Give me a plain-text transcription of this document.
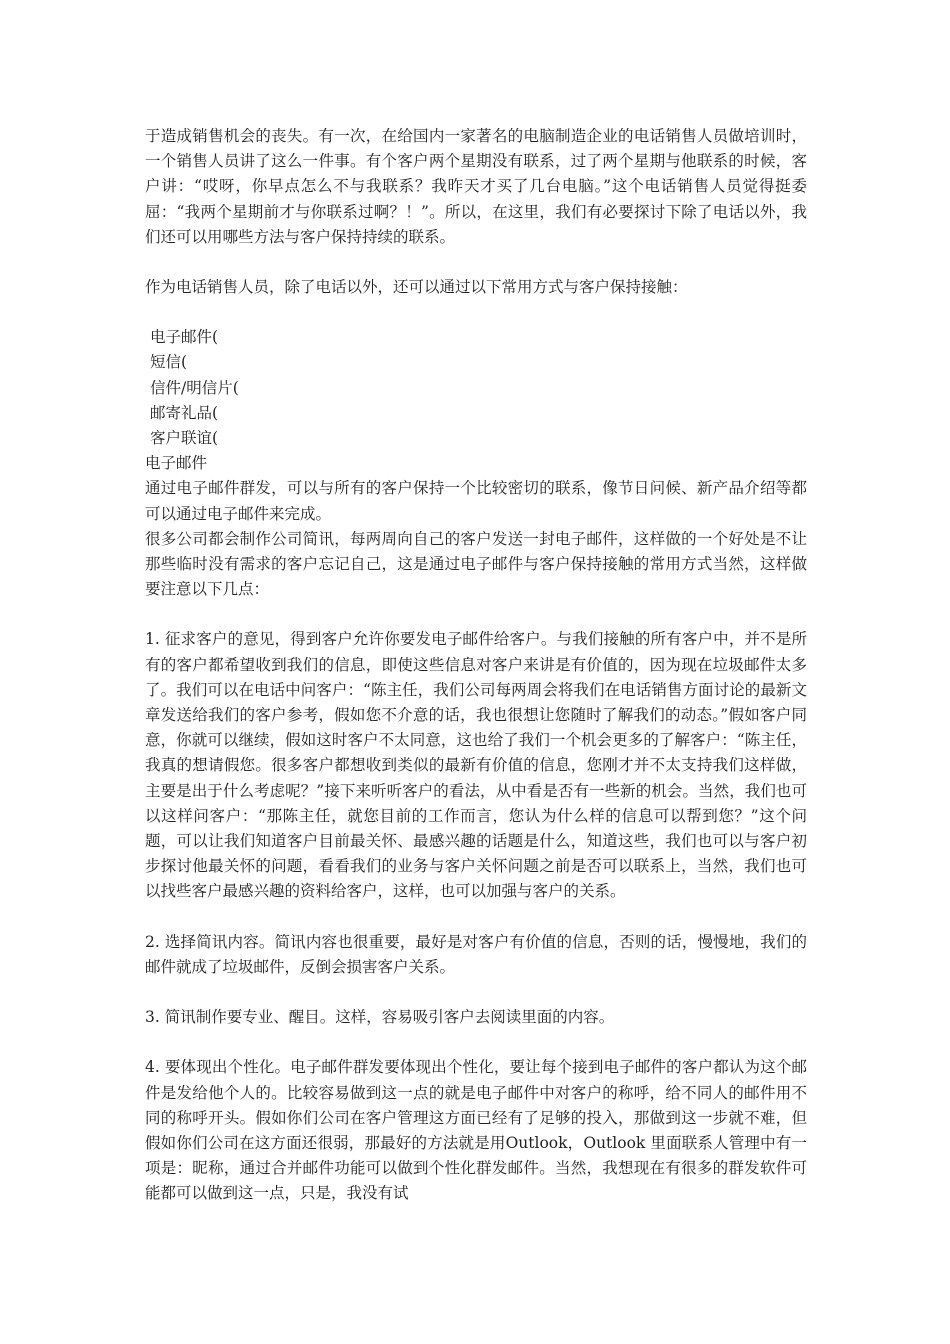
于造成销售机会的丧失。有一次，在给国内一家著名的电脑制造企业的电话销售人员做培训时，一个销售人员讲了这么一件事。有个客户两个星期没有联系，过了两个星期与他联系的时候，客户讲：“哎呀，你早点怎么不与我联系？我昨天才买了几台电脑。”这个电话销售人员觉得挺委屈：“我两个星期前才与你联系过啊？！”。所以，在这里，我们有必要探讨下除了电话以外，我们还可以用哪些方法与客户保持持续的联系。

作为电话销售人员，除了电话以外，还可以通过以下常用方式与客户保持接触：

电子邮件(

短信(

信件/明信片(

邮寄礼品(

客户联谊(

电子邮件

通过电子邮件群发，可以与所有的客户保持一个比较密切的联系，像节日问候、新产品介绍等都可以通过电子邮件来完成。

很多公司都会制作公司简讯，每两周向自己的客户发送一封电子邮件，这样做的一个好处是不让那些临时没有需求的客户忘记自己，这是通过电子邮件与客户保持接触的常用方式当然，这样做要注意以下几点：

1. 征求客户的意见，得到客户允许你要发电子邮件给客户。与我们接触的所有客户中，并不是所有的客户都希望收到我们的信息，即使这些信息对客户来讲是有价值的，因为现在垃圾邮件太多了。我们可以在电话中问客户：“陈主任，我们公司每两周会将我们在电话销售方面讨论的最新文章发送给我们的客户参考，假如您不介意的话，我也很想让您随时了解我们的动态。”假如客户同意，你就可以继续，假如这时客户不太同意，这也给了我们一个机会更多的了解客户：“陈主任，我真的想请假您。很多客户都想收到类似的最新有价值的信息，您刚才并不太支持我们这样做，主要是出于什么考虑呢？”接下来听听客户的看法，从中看是否有一些新的机会。当然，我们也可以这样问客户：“那陈主任，就您目前的工作而言，您认为什么样的信息可以帮到您？”这个问题，可以让我们知道客户目前最关怀、最感兴趣的话题是什么，知道这些，我们也可以与客户初步探讨他最关怀的问题，看看我们的业务与客户关怀问题之前是否可以联系上，当然，我们也可以找些客户最感兴趣的资料给客户，这样，也可以加强与客户的关系。

2. 选择简讯内容。简讯内容也很重要，最好是对客户有价值的信息，否则的话，慢慢地，我们的邮件就成了垃圾邮件，反倒会损害客户关系。

3. 简讯制作要专业、醒目。这样，容易吸引客户去阅读里面的内容。

4. 要体现出个性化。电子邮件群发要体现出个性化，要让每个接到电子邮件的客户都认为这个邮件是发给他个人的。比较容易做到这一点的就是电子邮件中对客户的称呼，给不同人的邮件用不同的称呼开头。假如你们公司在客户管理这方面已经有了足够的投入，那做到这一步就不难，但假如你们公司在这方面还很弱，那最好的方法就是用Outlook，Outlook 里面联系人管理中有一项是：昵称，通过合并邮件功能可以做到个性化群发邮件。当然，我想现在有很多的群发软件可能都可以做到这一点，只是，我没有试
